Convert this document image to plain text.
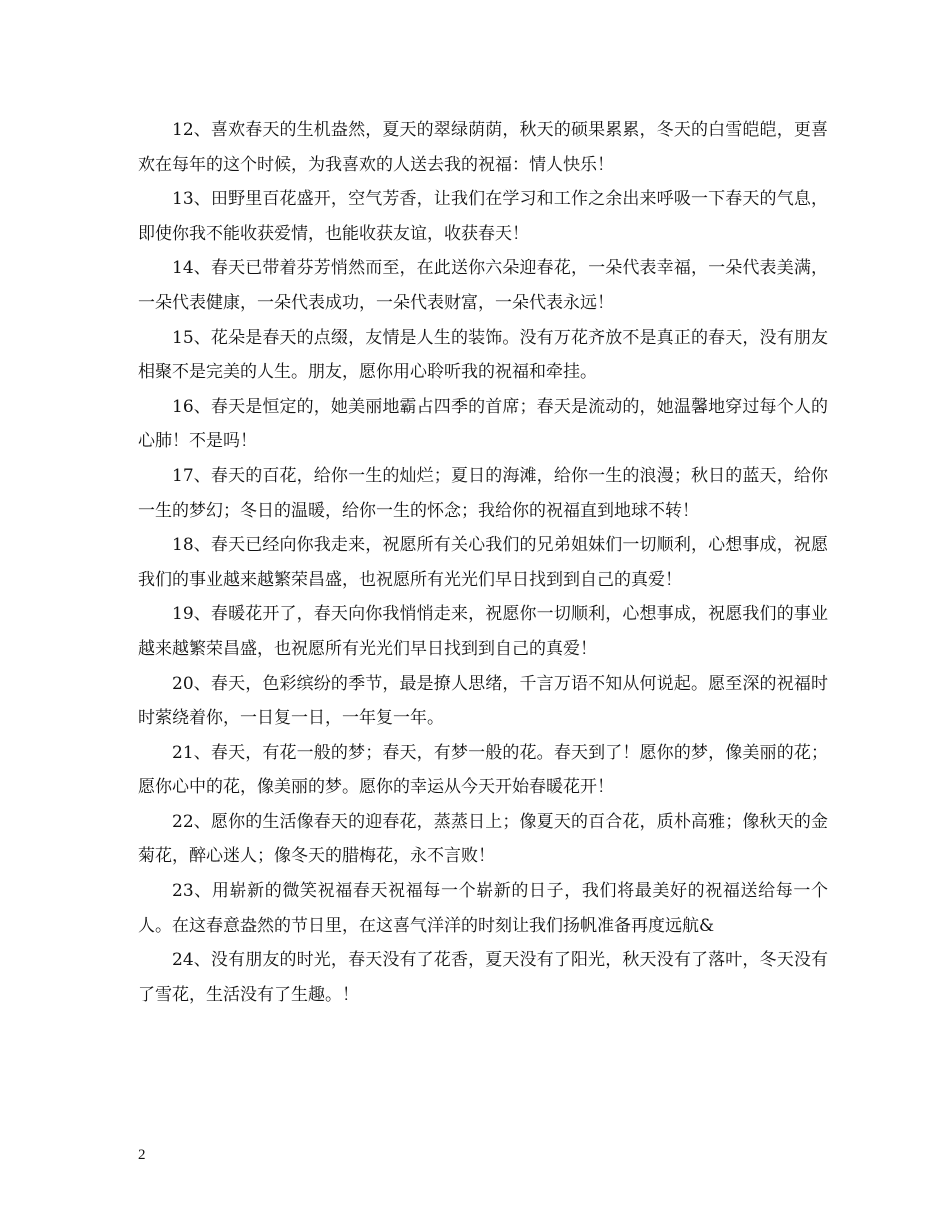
12、喜欢春天的生机盎然，夏天的翠绿荫荫，秋天的硕果累累，冬天的白雪皑皑，更喜欢在每年的这个时候，为我喜欢的人送去我的祝福：情人快乐！

13、田野里百花盛开，空气芳香，让我们在学习和工作之余出来呼吸一下春天的气息，即使你我不能收获爱情，也能收获友谊，收获春天！

14、春天已带着芬芳悄然而至，在此送你六朵迎春花，一朵代表幸福，一朵代表美满，一朵代表健康，一朵代表成功，一朵代表财富，一朵代表永远！

15、花朵是春天的点缀，友情是人生的装饰。没有万花齐放不是真正的春天，没有朋友相聚不是完美的人生。朋友，愿你用心聆听我的祝福和牵挂。

16、春天是恒定的，她美丽地霸占四季的首席；春天是流动的，她温馨地穿过每个人的心肺！不是吗！

17、春天的百花，给你一生的灿烂；夏日的海滩，给你一生的浪漫；秋日的蓝天，给你一生的梦幻；冬日的温暖，给你一生的怀念；我给你的祝福直到地球不转！

18、春天已经向你我走来，祝愿所有关心我们的兄弟姐妹们一切顺利，心想事成，祝愿我们的事业越来越繁荣昌盛，也祝愿所有光光们早日找到到自己的真爱！

19、春暖花开了，春天向你我悄悄走来，祝愿你一切顺利，心想事成，祝愿我们的事业越来越繁荣昌盛，也祝愿所有光光们早日找到到自己的真爱！

20、春天，色彩缤纷的季节，最是撩人思绪，千言万语不知从何说起。愿至深的祝福时时萦绕着你，一日复一日，一年复一年。

21、春天，有花一般的梦；春天，有梦一般的花。春天到了！愿你的梦，像美丽的花；愿你心中的花，像美丽的梦。愿你的幸运从今天开始春暖花开！

22、愿你的生活像春天的迎春花，蒸蒸日上；像夏天的百合花，质朴高雅；像秋天的金菊花，醉心迷人；像冬天的腊梅花，永不言败！

23、用崭新的微笑祝福春天祝福每一个崭新的日子，我们将最美好的祝福送给每一个人。在这春意盎然的节日里，在这喜气洋洋的时刻让我们扬帆准备再度远航&

24、没有朋友的时光，春天没有了花香，夏天没有了阳光，秋天没有了落叶，冬天没有了雪花，生活没有了生趣。！

2
